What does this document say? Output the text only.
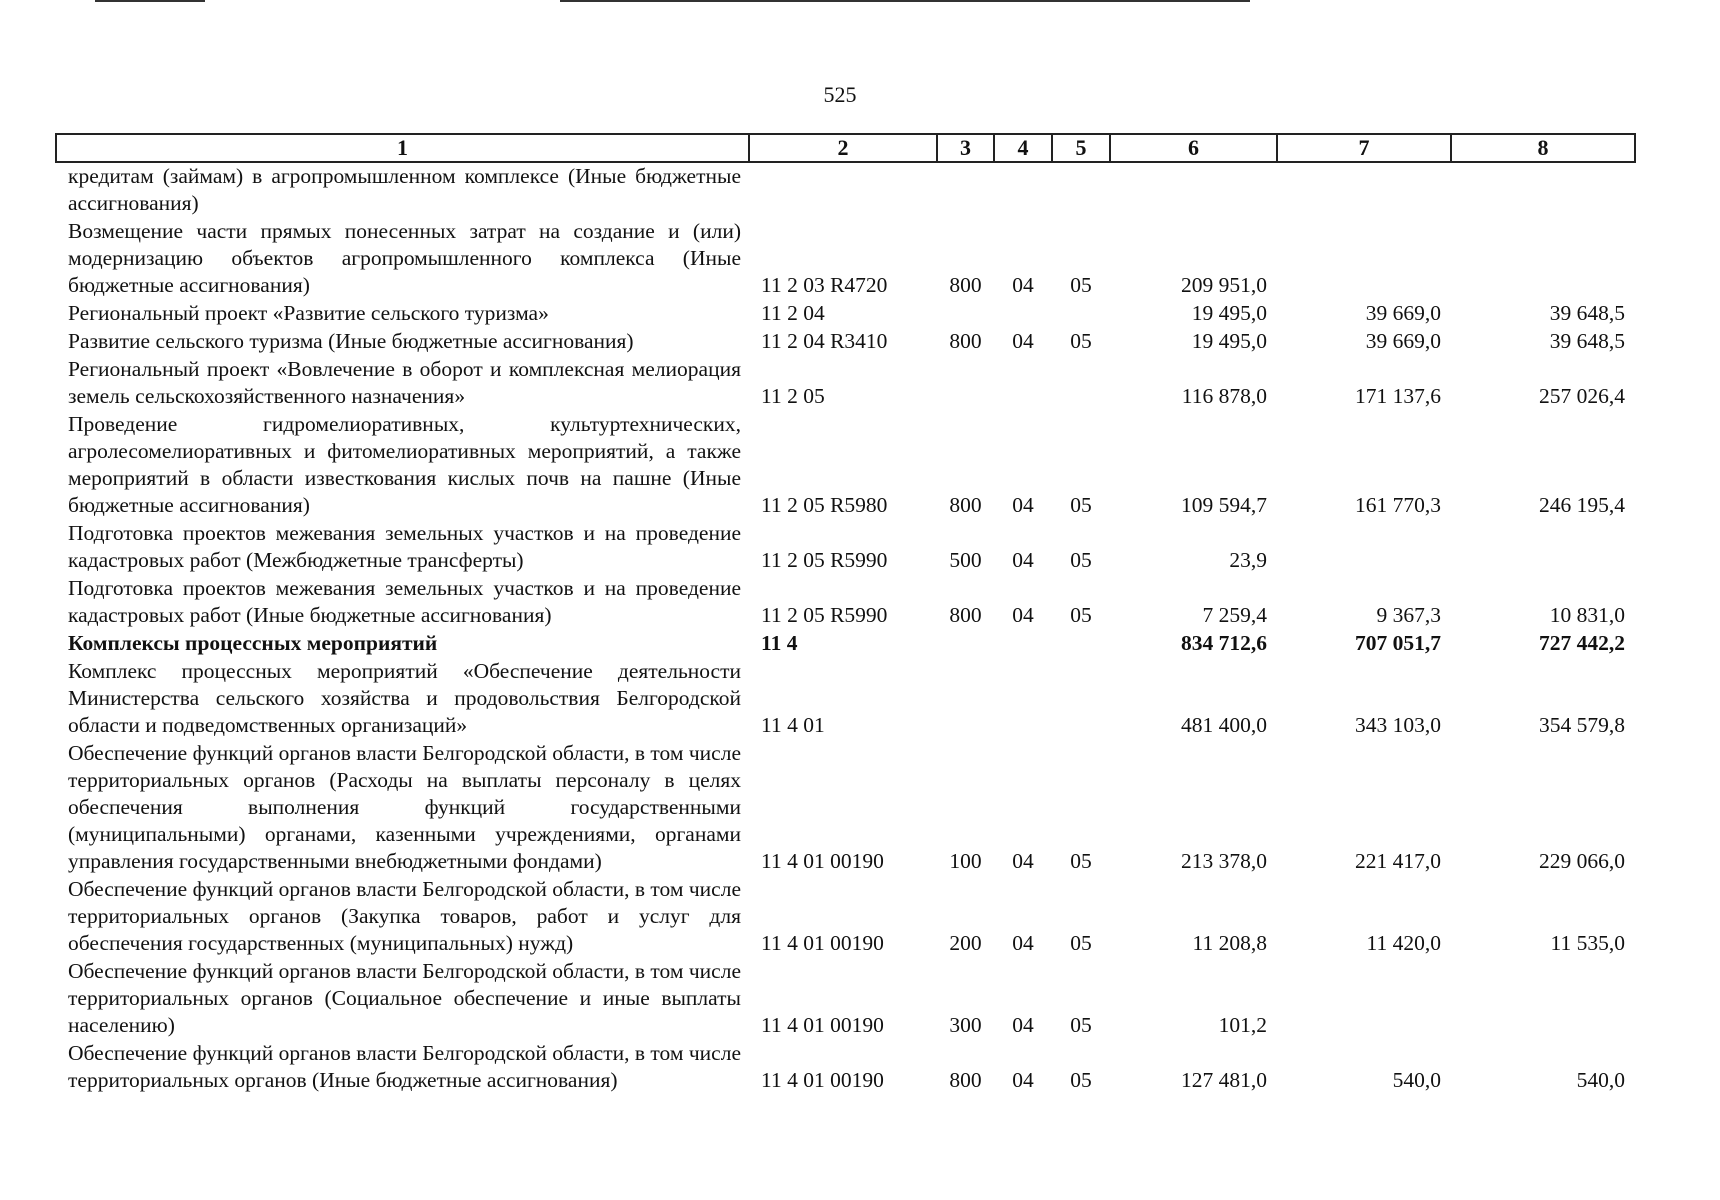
525
1	2	3	4	5	6	7	8
кредитам (займам) в агропромышленном комплексе (Иные бюджетные ассигнования)							
Возмещение части прямых понесенных затрат на создание и (или) модернизацию объектов агропромышленного комплекса (Иные бюджетные ассигнования)	11 2 03 R4720	800	04	05	209 951,0		
Региональный проект «Развитие сельского туризма»	11 2 04				19 495,0	39 669,0	39 648,5
Развитие сельского туризма (Иные бюджетные ассигнования)	11 2 04 R3410	800	04	05	19 495,0	39 669,0	39 648,5
Региональный проект «Вовлечение в оборот и комплексная мелиорация земель сельскохозяйственного назначения»	11 2 05				116 878,0	171 137,6	257 026,4
Проведение гидромелиоративных, культуртехнических, агролесомелиоративных и фитомелиоративных мероприятий, а также мероприятий в области известкования кислых почв на пашне (Иные бюджетные ассигнования)	11 2 05 R5980	800	04	05	109 594,7	161 770,3	246 195,4
Подготовка проектов межевания земельных участков и на проведение кадастровых работ (Межбюджетные трансферты)	11 2 05 R5990	500	04	05	23,9		
Подготовка проектов межевания земельных участков и на проведение кадастровых работ (Иные бюджетные ассигнования)	11 2 05 R5990	800	04	05	7 259,4	9 367,3	10 831,0
Комплексы процессных мероприятий	11 4				834 712,6	707 051,7	727 442,2
Комплекс процессных мероприятий «Обеспечение деятельности Министерства сельского хозяйства и продовольствия Белгородской области и подведомственных организаций»	11 4 01				481 400,0	343 103,0	354 579,8
Обеспечение функций органов власти Белгородской области, в том числе территориальных органов (Расходы на выплаты персоналу в целях обеспечения выполнения функций государственными (муниципальными) органами, казенными учреждениями, органами управления государственными внебюджетными фондами)	11 4 01 00190	100	04	05	213 378,0	221 417,0	229 066,0
Обеспечение функций органов власти Белгородской области, в том числе территориальных органов (Закупка товаров, работ и услуг для обеспечения государственных (муниципальных) нужд)	11 4 01 00190	200	04	05	11 208,8	11 420,0	11 535,0
Обеспечение функций органов власти Белгородской области, в том числе территориальных органов (Социальное обеспечение и иные выплаты населению)	11 4 01 00190	300	04	05	101,2		
Обеспечение функций органов власти Белгородской области, в том числе территориальных органов (Иные бюджетные ассигнования)	11 4 01 00190	800	04	05	127 481,0	540,0	540,0
